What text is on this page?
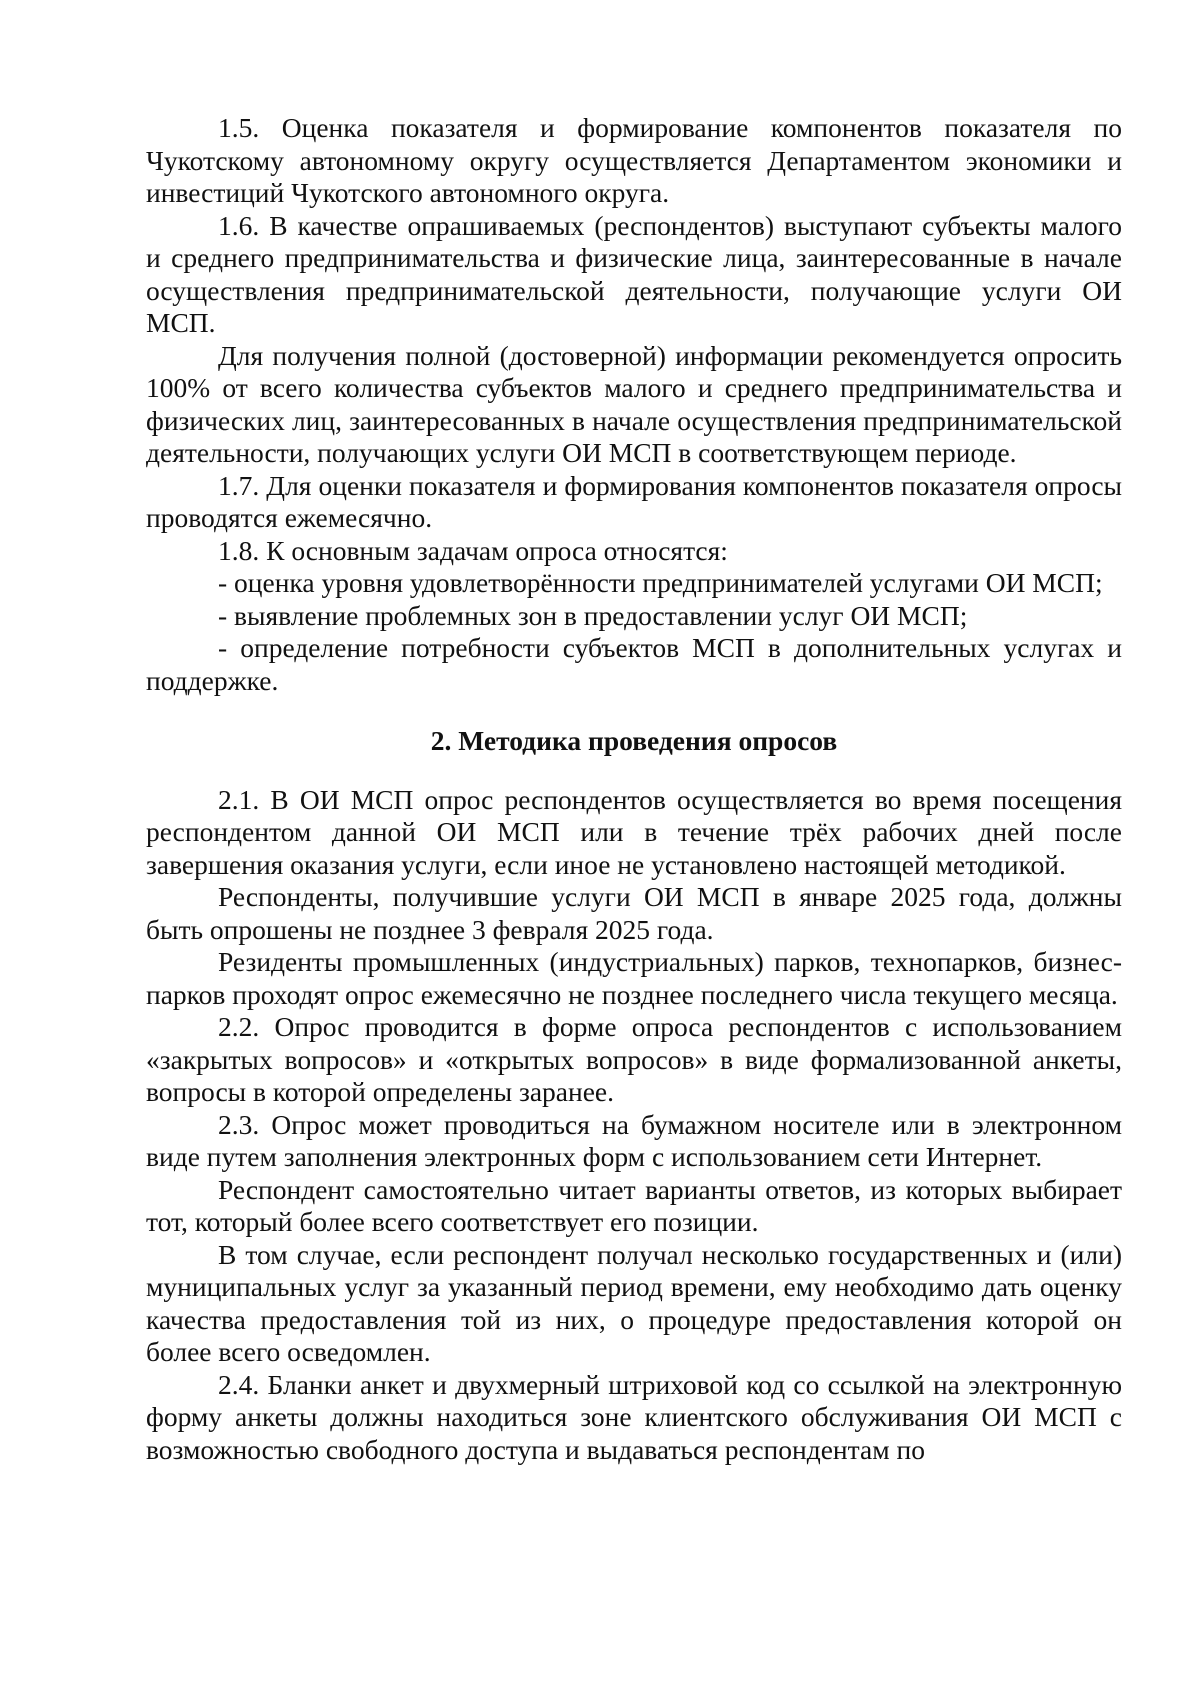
1.5. Оценка показателя и формирование компонентов показателя по Чукотскому автономному округу осуществляется Департаментом экономики и инвестиций Чукотского автономного округа.

1.6. В качестве опрашиваемых (респондентов) выступают субъекты малого и среднего предпринимательства и физические лица, заинтересованные в начале осуществления предпринимательской деятельности, получающие услуги ОИ МСП.

Для получения полной (достоверной) информации рекомендуется опросить 100% от всего количества субъектов малого и среднего предпринимательства и физических лиц, заинтересованных в начале осуществления предпринимательской деятельности, получающих услуги ОИ МСП в соответствующем периоде.

1.7. Для оценки показателя и формирования компонентов показателя опросы проводятся ежемесячно.

1.8. К основным задачам опроса относятся:

- оценка уровня удовлетворённости предпринимателей услугами ОИ МСП;

- выявление проблемных зон в предоставлении услуг ОИ МСП;

- определение потребности субъектов МСП в дополнительных услугах и поддержке.

2. Методика проведения опросов

2.1. В ОИ МСП опрос респондентов осуществляется во время посещения респондентом данной ОИ МСП или в течение трёх рабочих дней после завершения оказания услуги, если иное не установлено настоящей методикой.

Респонденты, получившие услуги ОИ МСП в январе 2025 года, должны быть опрошены не позднее 3 февраля 2025 года.

Резиденты промышленных (индустриальных) парков, технопарков, бизнес-парков проходят опрос ежемесячно не позднее последнего числа текущего месяца.

2.2. Опрос проводится в форме опроса респондентов с использованием «закрытых вопросов» и «открытых вопросов» в виде формализованной анкеты, вопросы в которой определены заранее.

2.3. Опрос может проводиться на бумажном носителе или в электронном виде путем заполнения электронных форм с использованием сети Интернет.

Респондент самостоятельно читает варианты ответов, из которых выбирает тот, который более всего соответствует его позиции.

В том случае, если респондент получал несколько государственных и (или) муниципальных услуг за указанный период времени, ему необходимо дать оценку качества предоставления той из них, о процедуре предоставления которой он более всего осведомлен.

2.4. Бланки анкет и двухмерный штриховой код со ссылкой на электронную форму анкеты должны находиться зоне клиентского обслуживания ОИ МСП с возможностью свободного доступа и выдаваться респондентам по
